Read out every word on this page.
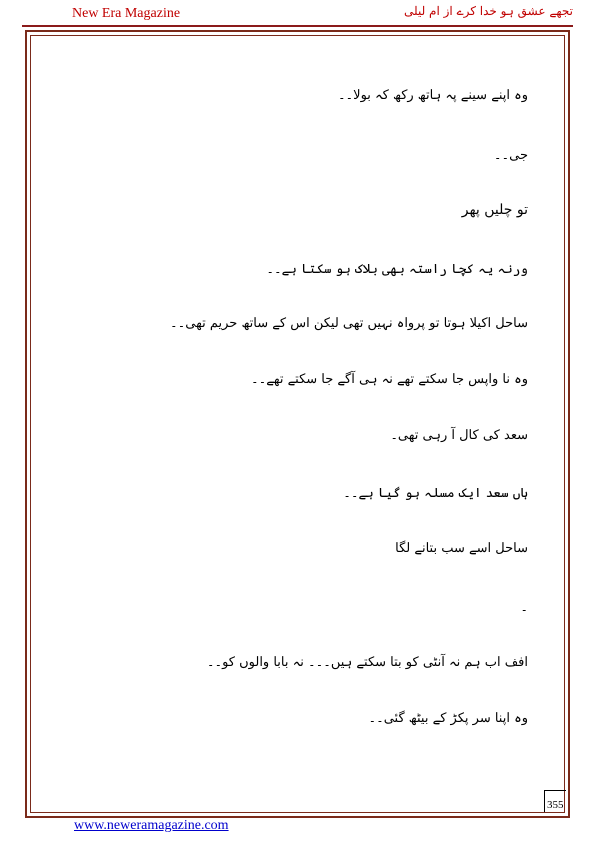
New Era Magazine	تجھے عشق ہو خدا کرے از ام لیلی
وہ اپنے سینے پہ ہاتھ رکھ کہ بولا۔۔
جی۔۔
تو چلیں پھر
ورنہ یہ کچا راستہ بھی بلاک ہو سکتا ہے۔۔
ساحل اکیلا ہوتا تو پرواہ نہیں تھی لیکن اس کے ساتھ حریم تھی۔۔
وہ نا واپس جا سکتے تھے نہ ہی آگے جا سکتے تھے۔۔
سعد کی کال آ رہی تھی۔
ہاں سعد ایک مسلہ ہو گیا ہے۔۔
ساحل اسے سب بتانے لگا
۔
افف اب ہم نہ آنٹی کو بتا سکتے ہیں۔۔۔ نہ بابا والوں کو۔۔
وہ اپنا سر پکڑ کے بیٹھ گئی۔۔
355
www.neweramagazine.com
